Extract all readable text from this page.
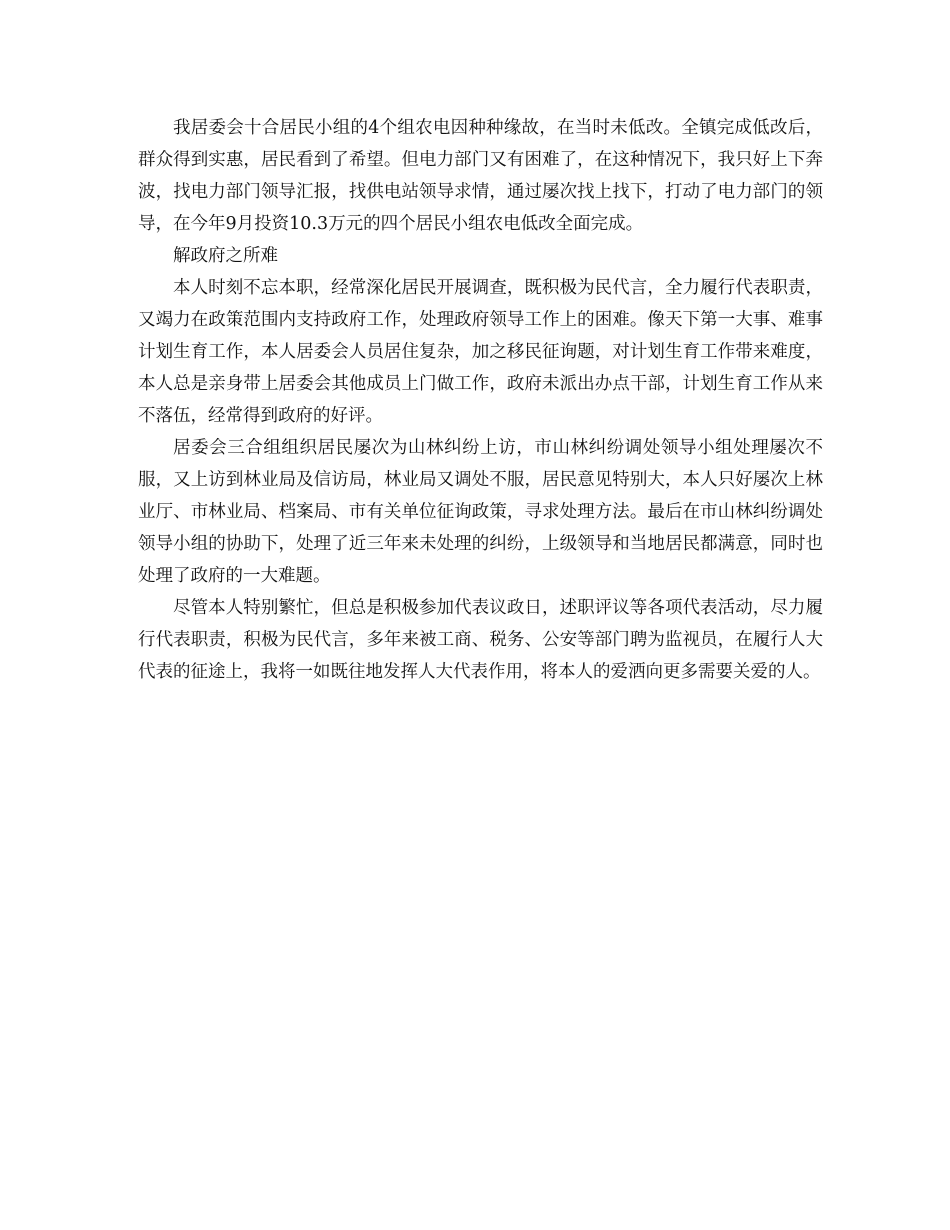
我居委会十合居民小组的4个组农电因种种缘故，在当时未低改。全镇完成低改后，群众得到实惠，居民看到了希望。但电力部门又有困难了，在这种情况下，我只好上下奔波，找电力部门领导汇报，找供电站领导求情，通过屡次找上找下，打动了电力部门的领导，在今年9月投资10.3万元的四个居民小组农电低改全面完成。

解政府之所难

本人时刻不忘本职，经常深化居民开展调查，既积极为民代言，全力履行代表职责，又竭力在政策范围内支持政府工作，处理政府领导工作上的困难。像天下第一大事、难事计划生育工作，本人居委会人员居住复杂，加之移民征询题，对计划生育工作带来难度，本人总是亲身带上居委会其他成员上门做工作，政府未派出办点干部，计划生育工作从来不落伍，经常得到政府的好评。

居委会三合组组织居民屡次为山林纠纷上访，市山林纠纷调处领导小组处理屡次不服，又上访到林业局及信访局，林业局又调处不服，居民意见特别大，本人只好屡次上林业厅、市林业局、档案局、市有关单位征询政策，寻求处理方法。最后在市山林纠纷调处领导小组的协助下，处理了近三年来未处理的纠纷，上级领导和当地居民都满意，同时也处理了政府的一大难题。

尽管本人特别繁忙，但总是积极参加代表议政日，述职评议等各项代表活动，尽力履行代表职责，积极为民代言，多年来被工商、税务、公安等部门聘为监视员，在履行人大代表的征途上，我将一如既往地发挥人大代表作用，将本人的爱洒向更多需要关爱的人。
